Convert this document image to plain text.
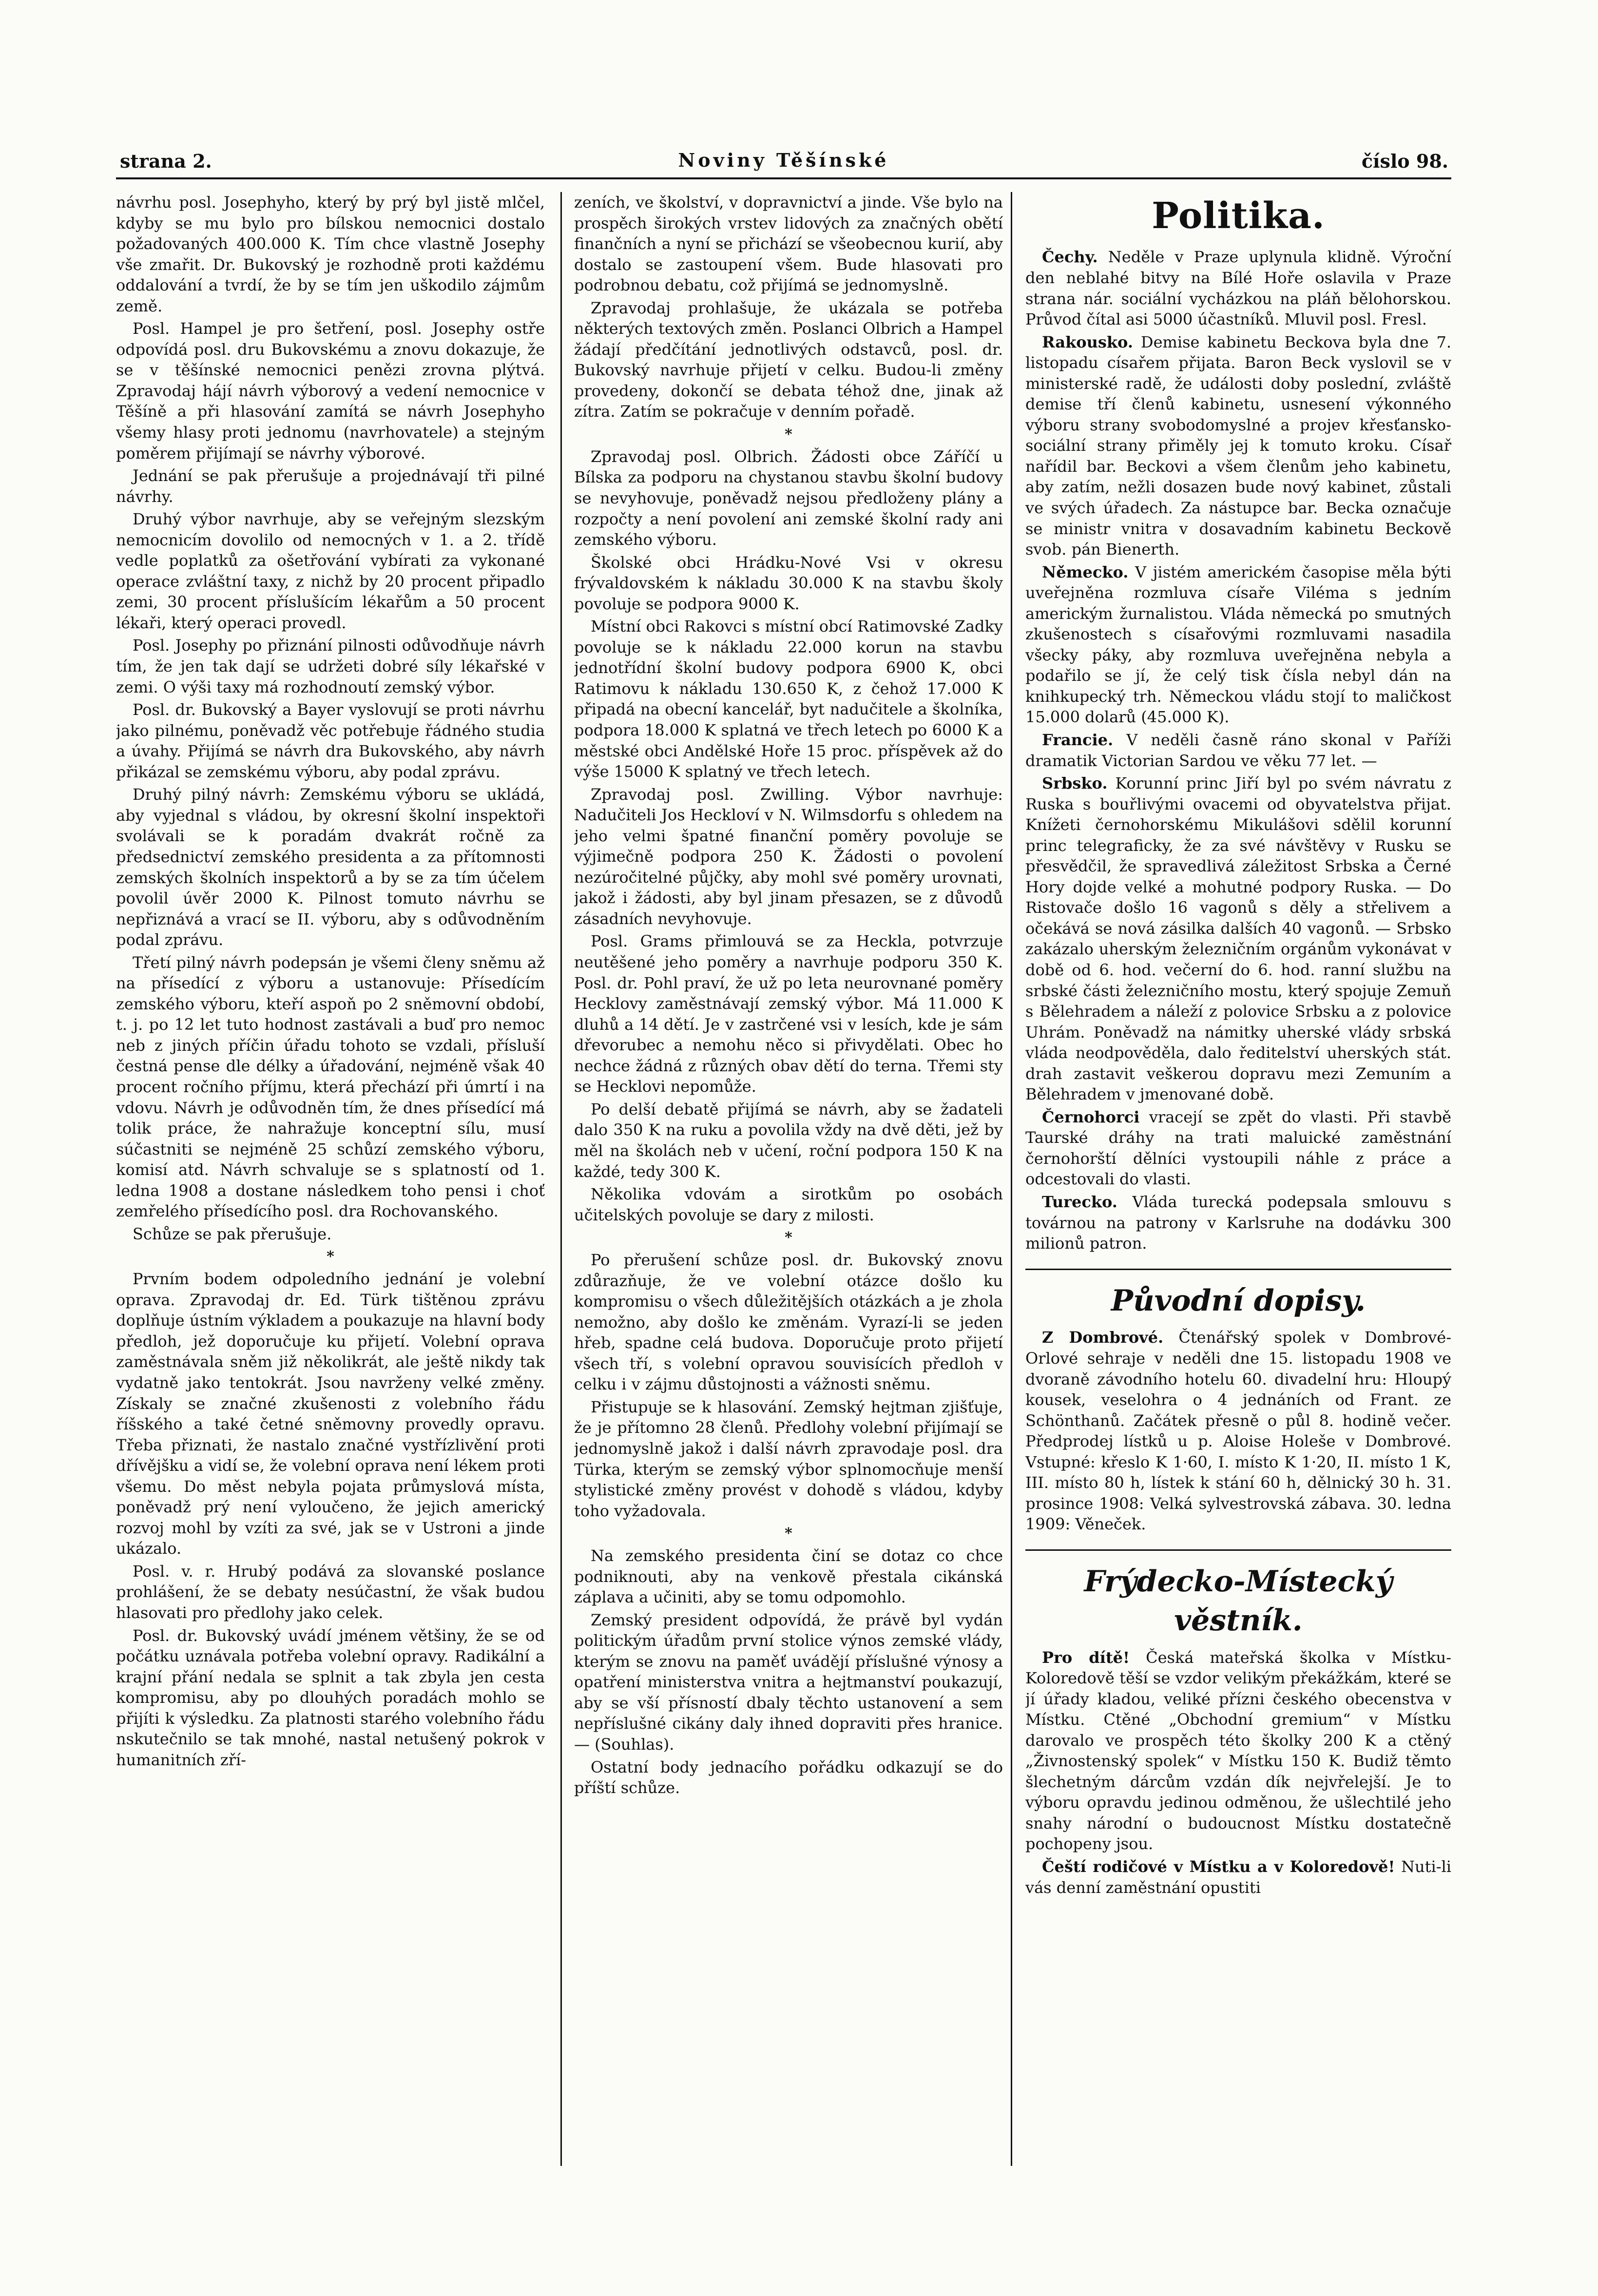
strana 2.	Noviny Těšínské	číslo 98.

návrhu posl. Josephyho, který by prý byl jistě mlčel, kdyby se mu bylo pro bílskou nemocnici dostalo požadovaných 400.000 K. Tím chce vlastně Josephy vše zmařit. Dr. Bukovský je rozhodně proti každému oddalování a tvrdí, že by se tím jen uškodilo zájmům země.

Posl. Hampel je pro šetření, posl. Josephy ostře odpovídá posl. dru Bukovskému a znovu dokazuje, že se v těšínské nemocnici penězi zrovna plýtvá. Zpravodaj hájí návrh výborový a vedení nemocnice v Těšíně a při hlasování zamítá se návrh Josephyho všemy hlasy proti jednomu (navrhovatele) a stejným poměrem přijímají se návrhy výborové.

Jednání se pak přerušuje a projednávají tři pilné návrhy.

Druhý výbor navrhuje, aby se veřejným slezským nemocnicím dovolilo od nemocných v 1. a 2. třídě vedle poplatků za ošetřování vybírati za vykonané operace zvláštní taxy, z nichž by 20 procent připadlo zemi, 30 procent příslušícím lékařům a 50 procent lékaři, který operaci provedl.

Posl. Josephy po přiznání pilnosti odůvodňuje návrh tím, že jen tak dají se udržeti dobré síly lékařské v zemi. O výši taxy má rozhodnoutí zemský výbor.

Posl. dr. Bukovský a Bayer vyslovují se proti návrhu jako pilnému, poněvadž věc potřebuje řádného studia a úvahy. Přijímá se návrh dra Bukovského, aby návrh přikázal se zemskému výboru, aby podal zprávu.

Druhý pilný návrh: Zemskému výboru se ukládá, aby vyjednal s vládou, by okresní školní inspektoři svolávali se k poradám dvakrát ročně za předsednictví zemského presidenta a za přítomnosti zemských školních inspektorů a by se za tím účelem povolil úvěr 2000 K. Pilnost tomuto návrhu se nepřiznává a vrací se II. výboru, aby s odůvodněním podal zprávu.

Třetí pilný návrh podepsán je všemi členy sněmu až na přísedící z výboru a ustanovuje: Přísedícím zemského výboru, kteří aspoň po 2 sněmovní období, t. j. po 12 let tuto hodnost zastávali a buď pro nemoc neb z jiných příčin úřadu tohoto se vzdali, přísluší čestná pense dle délky a úřadování, nejméně však 40 procent ročního příjmu, která přechází při úmrtí i na vdovu. Návrh je odůvodněn tím, že dnes přísedící má tolik práce, že nahražuje konceptní sílu, musí súčastniti se nejméně 25 schůzí zemského výboru, komisí atd. Návrh schvaluje se s splatností od 1. ledna 1908 a dostane následkem toho pensi i choť zemřelého přísedícího posl. dra Rochovanského.

Schůze se pak přerušuje.

*

Prvním bodem odpoledního jednání je volební oprava. Zpravodaj dr. Ed. Türk tištěnou zprávu doplňuje ústním výkladem a poukazuje na hlavní body předloh, jež doporučuje ku přijetí. Volební oprava zaměstnávala sněm již několikrát, ale ještě nikdy tak vydatně jako tentokrát. Jsou navrženy velké změny. Získaly se značné zkušenosti z volebního řádu říšského a také četné sněmovny provedly opravu. Třeba přiznati, že nastalo značné vystřízlivění proti dřívějšku a vidí se, že volební oprava není lékem proti všemu. Do měst nebyla pojata průmyslová místa, poněvadž prý není vyloučeno, že jejich americký rozvoj mohl by vzíti za své, jak se v Ustroni a jinde ukázalo.

Posl. v. r. Hrubý podává za slovanské poslance prohlášení, že se debaty nesúčastní, že však budou hlasovati pro předlohy jako celek.

Posl. dr. Bukovský uvádí jménem většiny, že se od počátku uznávala potřeba volební opravy. Radikální a krajní přání nedala se splnit a tak zbyla jen cesta kompromisu, aby po dlouhých poradách mohlo se přijíti k výsledku. Za platnosti starého volebního řádu nskutečnilo se tak mnohé, nastal netušený pokrok v humanitních zří-

zeních, ve školství, v dopravnictví a jinde. Vše bylo na prospěch širokých vrstev lidových za značných obětí finančních a nyní se přichází se všeobecnou kurií, aby dostalo se zastoupení všem. Bude hlasovati pro podrobnou debatu, což přijímá se jednomyslně.

Zpravodaj prohlašuje, že ukázala se potřeba některých textových změn. Poslanci Olbrich a Hampel žádají předčítání jednotlivých odstavců, posl. dr. Bukovský navrhuje přijetí v celku. Budou-li změny provedeny, dokončí se debata téhož dne, jinak až zítra. Zatím se pokračuje v denním pořadě.

*

Zpravodaj posl. Olbrich. Žádosti obce Záříčí u Bílska za podporu na chystanou stavbu školní budovy se nevyhovuje, poněvadž nejsou předloženy plány a rozpočty a není povolení ani zemské školní rady ani zemského výboru.

Školské obci Hrádku-Nové Vsi v okresu frývaldovském k nákladu 30.000 K na stavbu školy povoluje se podpora 9000 K.

Místní obci Rakovci s místní obcí Ratimovské Zadky povoluje se k nákladu 22.000 korun na stavbu jednotřídní školní budovy podpora 6900 K, obci Ratimovu k nákladu 130.650 K, z čehož 17.000 K připadá na obecní kancelář, byt nadučitele a školníka, podpora 18.000 K splatná ve třech letech po 6000 K a městské obci Andělské Hoře 15 proc. příspěvek až do výše 15000 K splatný ve třech letech.

Zpravodaj posl. Zwilling. Výbor navrhuje: Nadučiteli Jos Heckloví v N. Wilmsdorfu s ohledem na jeho velmi špatné finanční poměry povoluje se výjimečně podpora 250 K. Žádosti o povolení nezúročitelné půjčky, aby mohl své poměry urovnati, jakož i žádosti, aby byl jinam přesazen, se z důvodů zásadních nevyhovuje.

Posl. Grams přimlouvá se za Heckla, potvrzuje neutěšené jeho poměry a navrhuje podporu 350 K. Posl. dr. Pohl praví, že už po leta neurovnané poměry Hecklovy zaměstnávají zemský výbor. Má 11.000 K dluhů a 14 dětí. Je v zastrčené vsi v lesích, kde je sám dřevorubec a nemohu něco si přivydělati. Obec ho nechce žádná z různých obav dětí do terna. Třemi sty se Hecklovi nepomůže.

Po delší debatě přijímá se návrh, aby se žadateli dalo 350 K na ruku a povolila vždy na dvě děti, jež by měl na školách neb v učení, roční podpora 150 K na každé, tedy 300 K.

Několika vdovám a sirotkům po osobách učitelských povoluje se dary z milosti.

*

Po přerušení schůze posl. dr. Bukovský znovu zdůrazňuje, že ve volební otázce došlo ku kompromisu o všech důležitějších otázkách a je zhola nemožno, aby došlo ke změnám. Vyrazí-li se jeden hřeb, spadne celá budova. Doporučuje proto přijetí všech tří, s volební opravou souvisících předloh v celku i v zájmu důstojnosti a vážnosti sněmu.

Přistupuje se k hlasování. Zemský hejtman zjišťuje, že je přítomno 28 členů. Předlohy volební přijímají se jednomyslně jakož i další návrh zpravodaje posl. dra Türka, kterým se zemský výbor splnomocňuje menší stylistické změny provést v dohodě s vládou, kdyby toho vyžadovala.

*

Na zemského presidenta činí se dotaz co chce podniknouti, aby na venkově přestala cikánská záplava a učiniti, aby se tomu odpomohlo.

Zemský president odpovídá, že právě byl vydán politickým úřadům první stolice výnos zemské vlády, kterým se znovu na paměť uvádějí příslušné výnosy a opatření ministerstva vnitra a hejtmanství poukazují, aby se vší přísností dbaly těchto ustanovení a sem nepříslušné cikány daly ihned dopraviti přes hranice. — (Souhlas).

Ostatní body jednacího pořádku odkazují se do příští schůze.

Politika.

Čechy. Neděle v Praze uplynula klidně. Výroční den neblahé bitvy na Bílé Hoře oslavila v Praze strana nár. sociální vycházkou na pláň bělohorskou. Průvod čítal asi 5000 účastníků. Mluvil posl. Fresl.

Rakousko. Demise kabinetu Beckova byla dne 7. listopadu císařem přijata. Baron Beck vyslovil se v ministerské radě, že události doby poslední, zvláště demise tří členů kabinetu, usnesení výkonného výboru strany svobodomyslné a projev křesťansko-sociální strany přiměly jej k tomuto kroku. Císař nařídil bar. Beckovi a všem členům jeho kabinetu, aby zatím, nežli dosazen bude nový kabinet, zůstali ve svých úřadech. Za nástupce bar. Becka označuje se ministr vnitra v dosavadním kabinetu Beckově svob. pán Bienerth.

Německo. V jistém americkém časopise měla býti uveřejněna rozmluva císaře Viléma s jedním americkým žurnalistou. Vláda německá po smutných zkušenostech s císařovými rozmluvami nasadila všecky páky, aby rozmluva uveřejněna nebyla a podařilo se jí, že celý tisk čísla nebyl dán na knihkupecký trh. Německou vládu stojí to maličkost 15.000 dolarů (45.000 K).

Francie. V neděli časně ráno skonal v Paříži dramatik Victorian Sardou ve věku 77 let. —

Srbsko. Korunní princ Jiří byl po svém návratu z Ruska s bouřlivými ovacemi od obyvatelstva přijat. Knížeti černohorskému Mikulášovi sdělil korunní princ telegraficky, že za své návštěvy v Rusku se přesvědčil, že spravedlivá záležitost Srbska a Černé Hory dojde velké a mohutné podpory Ruska. — Do Ristovače došlo 16 vagonů s děly a střelivem a očekává se nová zásilka dalších 40 vagonů. — Srbsko zakázalo uherským železničním orgánům vykonávat v době od 6. hod. večerní do 6. hod. ranní službu na srbské části železničního mostu, který spojuje Zemuň s Bělehradem a náleží z polovice Srbsku a z polovice Uhrám. Poněvadž na námitky uherské vlády srbská vláda neodpověděla, dalo ředitelství uherských stát. drah zastavit veškerou dopravu mezi Zemuním a Bělehradem v jmenované době.

Černohorci vracejí se zpět do vlasti. Při stavbě Taurské dráhy na trati maluické zaměstnání černohorští dělníci vystoupili náhle z práce a odcestovali do vlasti.

Turecko. Vláda turecká podepsala smlouvu s továrnou na patrony v Karlsruhe na dodávku 300 milionů patron.

Původní dopisy.

Z Dombrové. Čtenářský spolek v Dombrové-Orlové sehraje v neděli dne 15. listopadu 1908 ve dvoraně závodního hotelu 60. divadelní hru: Hloupý kousek, veselohra o 4 jednáních od Frant. ze Schönthanů. Začátek přesně o půl 8. hodině večer. Předprodej lístků u p. Aloise Holeše v Dombrové. Vstupné: křeslo K 1·60, I. místo K 1·20, II. místo 1 K, III. místo 80 h, lístek k stání 60 h, dělnický 30 h. 31. prosince 1908: Velká sylvestrovská zábava. 30. ledna 1909: Věneček.

Frýdecko-Místecký věstník.

Pro dítě! Česká mateřská školka v Místku-Koloredově těší se vzdor velikým překážkám, které se jí úřady kladou, veliké přízni českého obecenstva v Místku. Ctěné „Obchodní gremium“ v Místku darovalo ve prospěch této školky 200 K a ctěný „Živnostenský spolek“ v Místku 150 K. Budiž těmto šlechetným dárcům vzdán dík nejvřelejší. Je to výboru opravdu jedinou odměnou, že ušlechtilé jeho snahy národní o budoucnost Místku dostatečně pochopeny jsou.

Čeští rodičové v Místku a v Koloredově! Nuti-li vás denní zaměstnání opustiti
